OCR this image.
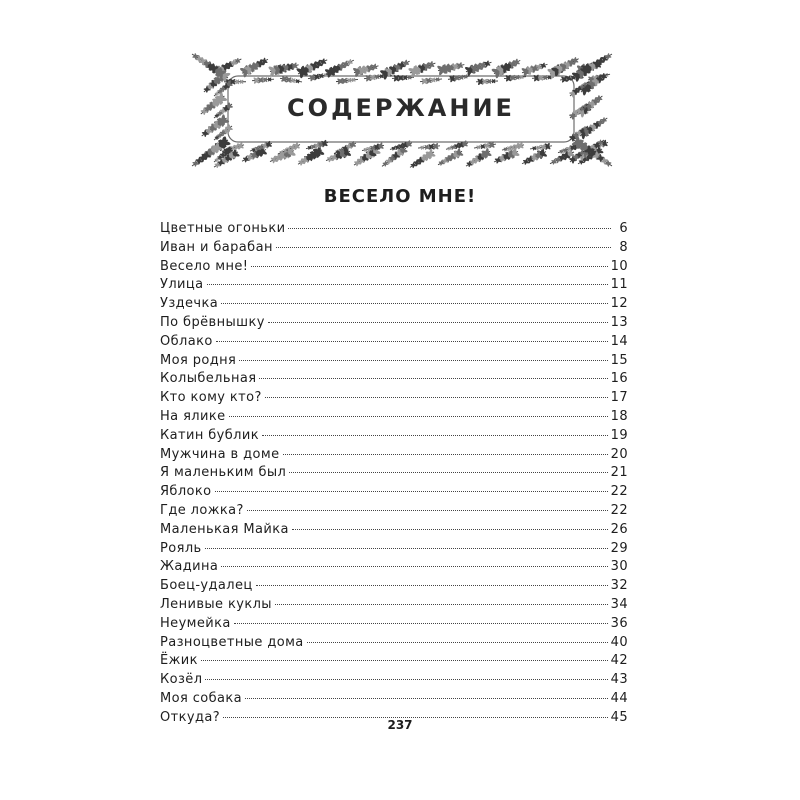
СОДЕРЖАНИЕ
ВЕСЕЛО МНЕ!
Цветные огоньки	6
Иван и барабан	8
Весело мне!	10
Улица	11
Уздечка	12
По брёвнышку	13
Облако	14
Моя родня	15
Колыбельная	16
Кто кому кто?	17
На ялике	18
Катин бублик	19
Мужчина в доме	20
Я маленьким был	21
Яблоко	22
Где ложка?	22
Маленькая Майка	26
Рояль	29
Жадина	30
Боец-удалец	32
Ленивые куклы	34
Неумейка	36
Разноцветные дома	40
Ёжик	42
Козёл	43
Моя собака	44
Откуда?	45
237
